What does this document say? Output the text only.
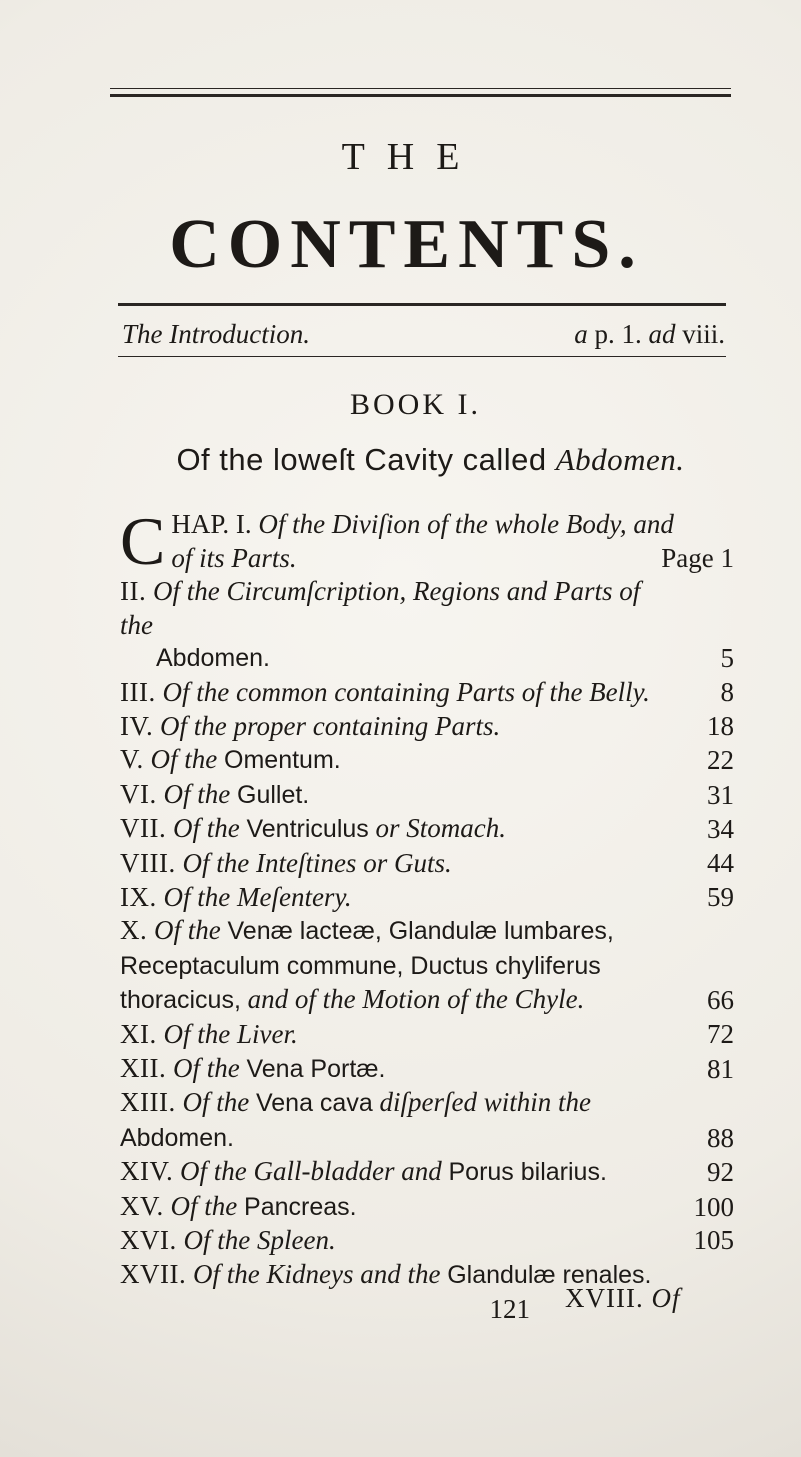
THE
CONTENTS.
The Introduction.	a p. 1. ad viii.
BOOK I.
Of the loweſt Cavity called Abdomen.
C HAP. I. Of the Diviſion of the whole Body, and of its Parts.	Page 1
II. Of the Circumſcription, Regions and Parts of the
Abdomen.	5
III. Of the common containing Parts of the Belly.	8
IV. Of the proper containing Parts.	18
V. Of the Omentum.	22
VI. Of the Gullet.	31
VII. Of the Ventriculus or Stomach.	34
VIII. Of the Inteſtines or Guts.	44
IX. Of the Meſentery.	59
X. Of the Venæ lacteæ, Glandulæ lumbares, Receptaculum commune, Ductus chyliferus thoracicus, and of the Motion of the Chyle.	66
XI. Of the Liver.	72
XII. Of the Vena Portæ.	81
XIII. Of the Vena cava diſperſed within the Abdomen.	88
XIV. Of the Gall-bladder and Porus bilarius.	92
XV. Of the Pancreas.	100
XVI. Of the Spleen.	105
XVII. Of the Kidneys and the Glandulæ renales.
121	XVIII. Of
